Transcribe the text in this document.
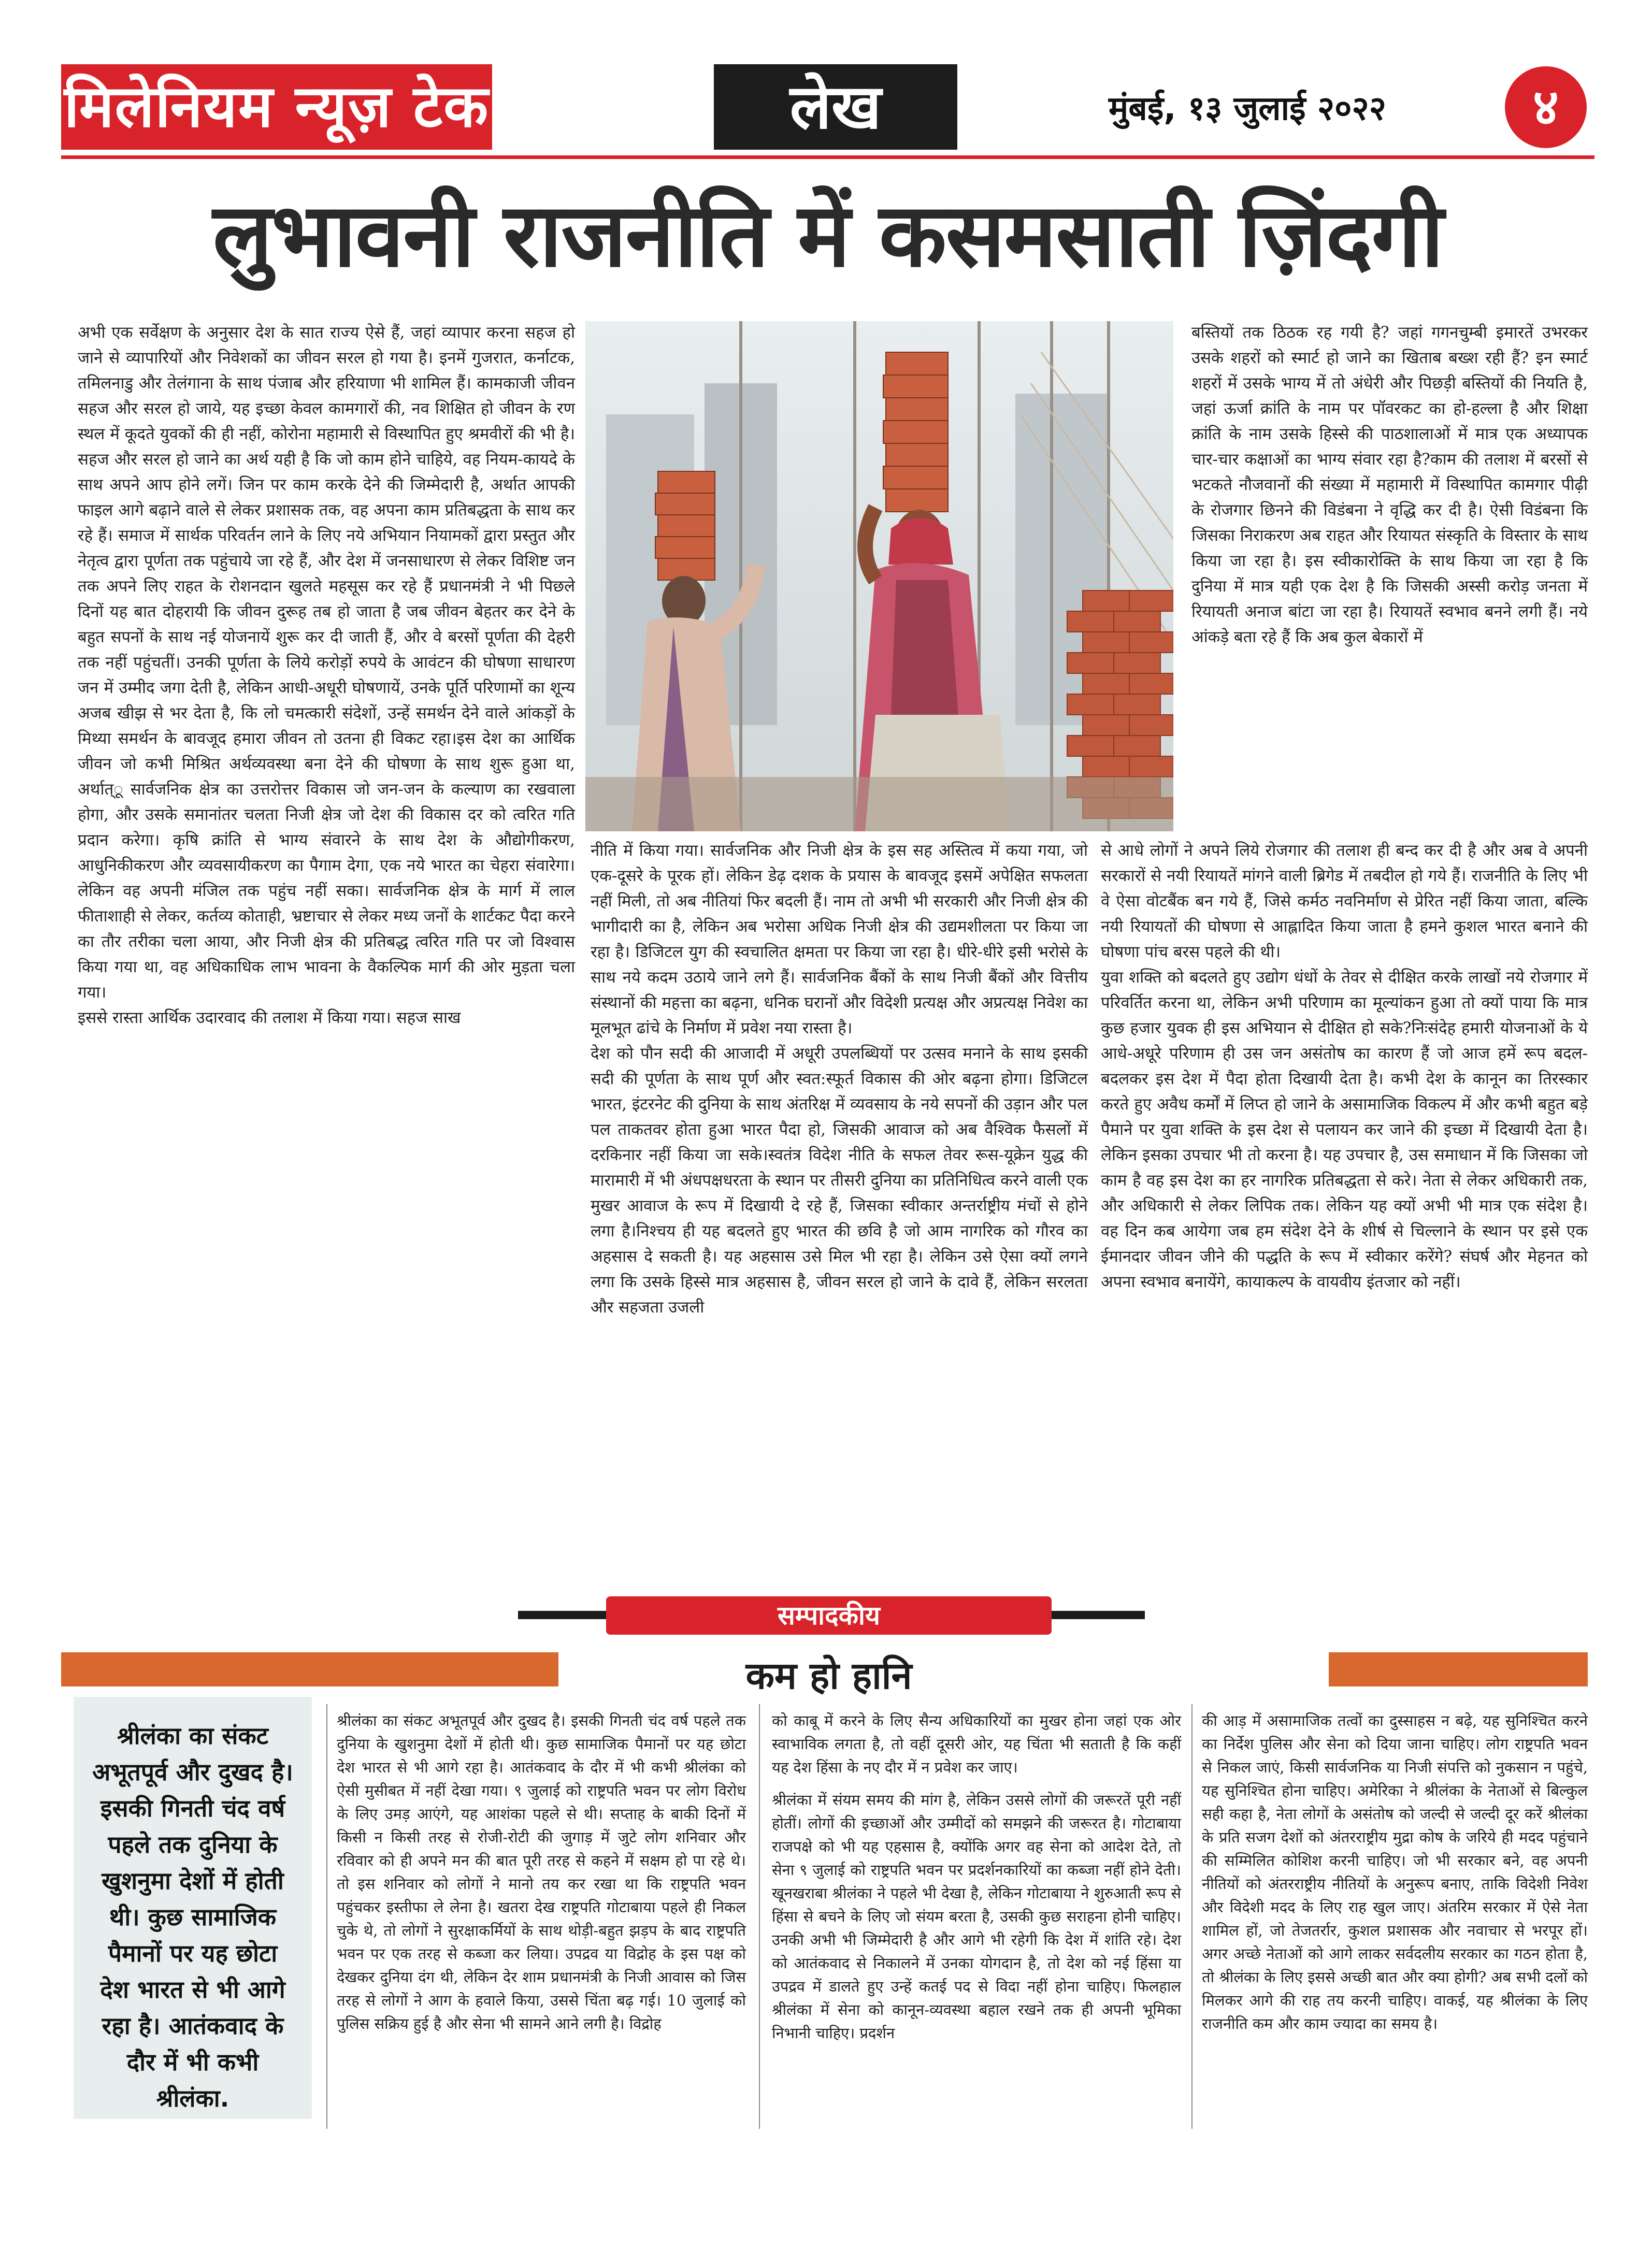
मिलेनियम न्यूज़ टेक	लेख	मुंबई, १३ जुलाई २०२२	४
लुभावनी राजनीति में कसमसाती ज़िंदगी

अभी एक सर्वेक्षण के अनुसार देश के सात राज्य ऐसे हैं, जहां व्यापार करना सहज हो जाने से व्यापारियों और निवेशकों का जीवन सरल हो गया है। इनमें गुजरात, कर्नाटक, तमिलनाडु और तेलंगाना के साथ पंजाब और हरियाणा भी शामिल हैं। कामकाजी जीवन सहज और सरल हो जाये, यह इच्छा केवल कामगारों की, नव शिक्षित हो जीवन के रण स्थल में कूदते युवकों की ही नहीं, कोरोना महामारी से विस्थापित हुए श्रमवीरों की भी है।सहज और सरल हो जाने का अर्थ यही है कि जो काम होने चाहिये, वह नियम-कायदे के साथ अपने आप होने लगें। जिन पर काम करके देने की जिम्मेदारी है, अर्थात आपकी फाइल आगे बढ़ाने वाले से लेकर प्रशासक तक, वह अपना काम प्रतिबद्धता के साथ कर रहे हैं। समाज में सार्थक परिवर्तन लाने के लिए नये अभियान नियामकों द्वारा प्रस्तुत और नेतृत्व द्वारा पूर्णता तक पहुंचाये जा रहे हैं, और देश में जनसाधारण से लेकर विशिष्ट जन तक अपने लिए राहत के रोशनदान खुलते महसूस कर रहे हैं प्रधानमंत्री ने भी पिछले दिनों यह बात दोहरायी कि जीवन दुरूह तब हो जाता है जब जीवन बेहतर कर देने के बहुत सपनों के साथ नई योजनायें शुरू कर दी जाती हैं, और वे बरसों पूर्णता की देहरी तक नहीं पहुंचतीं। उनकी पूर्णता के लिये करोड़ों रुपये के आवंटन की घोषणा साधारण जन में उम्मीद जगा देती है, लेकिन आधी-अधूरी घोषणायें, उनके पूर्ति परिणामों का शून्य अजब खीझ से भर देता है, कि लो चमत्कारी संदेशों, उन्हें समर्थन देने वाले आंकड़ों के मिथ्या समर्थन के बावजूद हमारा जीवन तो उतना ही विकट रहा।इस देश का आर्थिक जीवन जो कभी मिश्रित अर्थव्यवस्था बना देने की घोषणा के साथ शुरू हुआ था, अर्थात्ू सार्वजनिक क्षेत्र का उत्तरोत्तर विकास जो जन-जन के कल्याण का रखवाला होगा, और उसके समानांतर चलता निजी क्षेत्र जो देश की विकास दर को त्वरित गति प्रदान करेगा। कृषि क्रांति से भाग्य संवारने के साथ देश के औद्योगीकरण, आधुनिकीकरण और व्यवसायीकरण का पैगाम देगा, एक नये भारत का चेहरा संवारेगा। लेकिन वह अपनी मंजिल तक पहुंच नहीं सका। सार्वजनिक क्षेत्र के मार्ग में लाल फीताशाही से लेकर, कर्तव्य कोताही, भ्रष्टाचार से लेकर मध्य जनों के शार्टकट पैदा करने का तौर तरीका चला आया, और निजी क्षेत्र की प्रतिबद्ध त्वरित गति पर जो विश्वास किया गया था, वह अधिकाधिक लाभ भावना के वैकल्पिक मार्ग की ओर मुड़ता चला गया।

इससे रास्ता आर्थिक उदारवाद की तलाश में किया गया। सहज साख

नीति में किया गया। सार्वजनिक और निजी क्षेत्र के इस सह अस्तित्व में कया गया, जो एक-दूसरे के पूरक हों। लेकिन डेढ़ दशक के प्रयास के बावजूद इसमें अपेक्षित सफलता नहीं मिली, तो अब नीतियां फिर बदली हैं। नाम तो अभी भी सरकारी और निजी क्षेत्र की भागीदारी का है, लेकिन अब भरोसा अधिक निजी क्षेत्र की उद्यमशीलता पर किया जा रहा है। डिजिटल युग की स्वचालित क्षमता पर किया जा रहा है। धीरे-धीरे इसी भरोसे के साथ नये कदम उठाये जाने लगे हैं। सार्वजनिक बैंकों के साथ निजी बैंकों और वित्तीय संस्थानों की महत्ता का बढ़ना, धनिक घरानों और विदेशी प्रत्यक्ष और अप्रत्यक्ष निवेश का मूलभूत ढांचे के निर्माण में प्रवेश नया रास्ता है।

देश को पौन सदी की आजादी में अधूरी उपलब्धियों पर उत्सव मनाने के साथ इसकी सदी की पूर्णता के साथ पूर्ण और स्वत:स्फूर्त विकास की ओर बढ़ना होगा। डिजिटल भारत, इंटरनेट की दुनिया के साथ अंतरिक्ष में व्यवसाय के नये सपनों की उड़ान और पल पल ताकतवर होता हुआ भारत पैदा हो, जिसकी आवाज को अब वैश्विक फैसलों में दरकिनार नहीं किया जा सके।स्वतंत्र विदेश नीति के सफल तेवर रूस-यूक्रेन युद्ध की मारामारी में भी अंधपक्षधरता के स्थान पर तीसरी दुनिया का प्रतिनिधित्व करने वाली एक मुखर आवाज के रूप में दिखायी दे रहे हैं, जिसका स्वीकार अन्तर्राष्ट्रीय मंचों से होने लगा है।निश्चय ही यह बदलते हुए भारत की छवि है जो आम नागरिक को गौरव का अहसास दे सकती है। यह अहसास उसे मिल भी रहा है। लेकिन उसे ऐसा क्यों लगने लगा कि उसके हिस्से मात्र अहसास है, जीवन सरल हो जाने के दावे हैं, लेकिन सरलता और सहजता उजली

बस्तियों तक ठिठक रह गयी है? जहां गगनचुम्बी इमारतें उभरकर उसके शहरों को स्मार्ट हो जाने का खिताब बख्श रही हैं? इन स्मार्ट शहरों में उसके भाग्य में तो अंधेरी और पिछड़ी बस्तियों की नियति है, जहां ऊर्जा क्रांति के नाम पर पॉवरकट का हो-हल्ला है और शिक्षा क्रांति के नाम उसके हिस्से की पाठशालाओं में मात्र एक अध्यापक चार-चार कक्षाओं का भाग्य संवार रहा है?काम की तलाश में बरसों से भटकते नौजवानों की संख्या में महामारी में विस्थापित कामगार पीढ़ी के रोजगार छिनने की विडंबना ने वृद्धि कर दी है। ऐसी विडंबना कि जिसका निराकरण अब राहत और रियायत संस्कृति के विस्तार के साथ किया जा रहा है। इस स्वीकारोक्ति के साथ किया जा रहा है कि दुनिया में मात्र यही एक देश है कि जिसकी अस्सी करोड़ जनता में रियायती अनाज बांटा जा रहा है। रियायतें स्वभाव बनने लगी हैं। नये आंकड़े बता रहे हैं कि अब कुल बेकारों में

से आधे लोगों ने अपने लिये रोजगार की तलाश ही बन्द कर दी है और अब वे अपनी सरकारों से नयी रियायतें मांगने वाली ब्रिगेड में तबदील हो गये हैं। राजनीति के लिए भी वे ऐसा वोटबैंक बन गये हैं, जिसे कर्मठ नवनिर्माण से प्रेरित नहीं किया जाता, बल्कि नयी रियायतों की घोषणा से आह्लादित किया जाता है हमने कुशल भारत बनाने की घोषणा पांच बरस पहले की थी।

युवा शक्ति को बदलते हुए उद्योग धंधों के तेवर से दीक्षित करके लाखों नये रोजगार में परिवर्तित करना था, लेकिन अभी परिणाम का मूल्यांकन हुआ तो क्यों पाया कि मात्र कुछ हजार युवक ही इस अभियान से दीक्षित हो सके?निःसंदेह हमारी योजनाओं के ये आधे-अधूरे परिणाम ही उस जन असंतोष का कारण हैं जो आज हमें रूप बदल-बदलकर इस देश में पैदा होता दिखायी देता है। कभी देश के कानून का तिरस्कार करते हुए अवैध कर्मों में लिप्त हो जाने के असामाजिक विकल्प में और कभी बहुत बड़े पैमाने पर युवा शक्ति के इस देश से पलायन कर जाने की इच्छा में दिखायी देता है। लेकिन इसका उपचार भी तो करना है। यह उपचार है, उस समाधान में कि जिसका जो काम है वह इस देश का हर नागरिक प्रतिबद्धता से करे। नेता से लेकर अधिकारी तक, और अधिकारी से लेकर लिपिक तक। लेकिन यह क्यों अभी भी मात्र एक संदेश है। वह दिन कब आयेगा जब हम संदेश देने के शीर्ष से चिल्लाने के स्थान पर इसे एक ईमानदार जीवन जीने की पद्धति के रूप में स्वीकार करेंगे? संघर्ष और मेहनत को अपना स्वभाव बनायेंगे, कायाकल्प के वायवीय इंतजार को नहीं।

सम्पादकीय
कम हो हानि
श्रीलंका का संकट अभूतपूर्व और दुखद है। इसकी गिनती चंद वर्ष पहले तक दुनिया के खुशनुमा देशों में होती थी। कुछ सामाजिक पैमानों पर यह छोटा देश भारत से भी आगे रहा है। आतंकवाद के दौर में भी कभी श्रीलंका.
श्रीलंका का संकट अभूतपूर्व और दुखद है। इसकी गिनती चंद वर्ष पहले तक दुनिया के खुशनुमा देशों में होती थी। कुछ सामाजिक पैमानों पर यह छोटा देश भारत से भी आगे रहा है। आतंकवाद के दौर में भी कभी श्रीलंका को ऐसी मुसीबत में नहीं देखा गया। ९ जुलाई को राष्ट्रपति भवन पर लोग विरोध के लिए उमड़ आएंगे, यह आशंका पहले से थी। सप्ताह के बाकी दिनों में किसी न किसी तरह से रोजी-रोटी की जुगाड़ में जुटे लोग शनिवार और रविवार को ही अपने मन की बात पूरी तरह से कहने में सक्षम हो पा रहे थे। तो इस शनिवार को लोगों ने मानो तय कर रखा था कि राष्ट्रपति भवन पहुंचकर इस्तीफा ले लेना है। खतरा देख राष्ट्रपति गोटाबाया पहले ही निकल चुके थे, तो लोगों ने सुरक्षाकर्मियों के साथ थोड़ी-बहुत झड़प के बाद राष्ट्रपति भवन पर एक तरह से कब्जा कर लिया। उपद्रव या विद्रोह के इस पक्ष को देखकर दुनिया दंग थी, लेकिन देर शाम प्रधानमंत्री के निजी आवास को जिस तरह से लोगों ने आग के हवाले किया, उससे चिंता बढ़ गई। 10 जुलाई को पुलिस सक्रिय हुई है और सेना भी सामने आने लगी है। विद्रोह
को काबू में करने के लिए सैन्य अधिकारियों का मुखर होना जहां एक ओर स्वाभाविक लगता है, तो वहीं दूसरी ओर, यह चिंता भी सताती है कि कहीं यह देश हिंसा के नए दौर में न प्रवेश कर जाए।
श्रीलंका में संयम समय की मांग है, लेकिन उससे लोगों की जरूरतें पूरी नहीं होतीं। लोगों की इच्छाओं और उम्मीदों को समझने की जरूरत है। गोटाबाया राजपक्षे को भी यह एहसास है, क्योंकि अगर वह सेना को आदेश देते, तो सेना ९ जुलाई को राष्ट्रपति भवन पर प्रदर्शनकारियों का कब्जा नहीं होने देती। खूनखराबा श्रीलंका ने पहले भी देखा है, लेकिन गोटाबाया ने शुरुआती रूप से हिंसा से बचने के लिए जो संयम बरता है, उसकी कुछ सराहना होनी चाहिए। उनकी अभी भी जिम्मेदारी है और आगे भी रहेगी कि देश में शांति रहे। देश को आतंकवाद से निकालने में उनका योगदान है, तो देश को नई हिंसा या उपद्रव में डालते हुए उन्हें कतई पद से विदा नहीं होना चाहिए। फिलहाल श्रीलंका में सेना को कानून-व्यवस्था बहाल रखने तक ही अपनी भूमिका निभानी चाहिए। प्रदर्शन
की आड़ में असामाजिक तत्वों का दुस्साहस न बढ़े, यह सुनिश्चित करने का निर्देश पुलिस और सेना को दिया जाना चाहिए। लोग राष्ट्रपति भवन से निकल जाएं, किसी सार्वजनिक या निजी संपत्ति को नुकसान न पहुंचे, यह सुनिश्चित होना चाहिए। अमेरिका ने श्रीलंका के नेताओं से बिल्कुल सही कहा है, नेता लोगों के असंतोष को जल्दी से जल्दी दूर करें श्रीलंका के प्रति सजग देशों को अंतरराष्ट्रीय मुद्रा कोष के जरिये ही मदद पहुंचाने की सम्मिलित कोशिश करनी चाहिए। जो भी सरकार बने, वह अपनी नीतियों को अंतरराष्ट्रीय नीतियों के अनुरूप बनाए, ताकि विदेशी निवेश और विदेशी मदद के लिए राह खुल जाए। अंतरिम सरकार में ऐसे नेता शामिल हों, जो तेजतर्रार, कुशल प्रशासक और नवाचार से भरपूर हों। अगर अच्छे नेताओं को आगे लाकर सर्वदलीय सरकार का गठन होता है, तो श्रीलंका के लिए इससे अच्छी बात और क्या होगी? अब सभी दलों को मिलकर आगे की राह तय करनी चाहिए। वाकई, यह श्रीलंका के लिए राजनीति कम और काम ज्यादा का समय है।
